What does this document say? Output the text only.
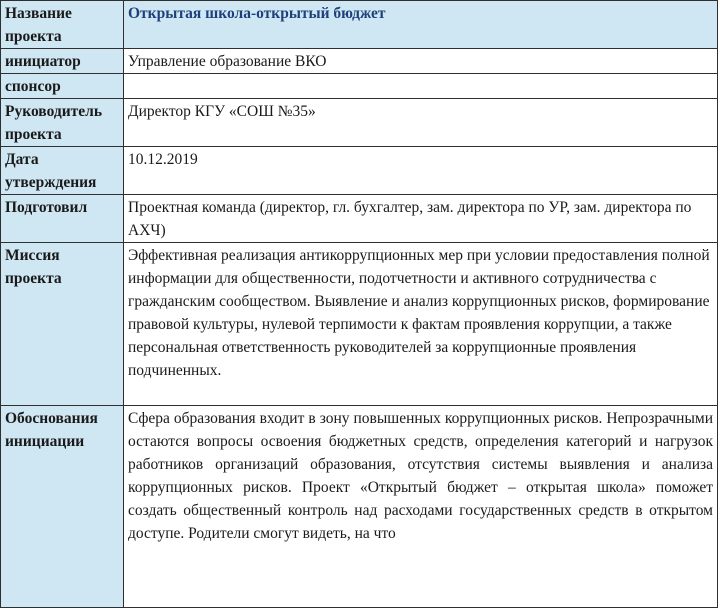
Название проекта	Открытая школа-открытый бюджет
инициатор	Управление образование ВКО
спонсор	
Руководитель проекта	Директор КГУ «СОШ №35»
Дата утверждения	10.12.2019
Подготовил	Проектная команда (директор, гл. бухгалтер, зам. директора по УР, зам. директора по АХЧ)
Миссия проекта	Эффективная реализация антикоррупционных мер при условии предоставления полной информации для общественности, подотчетности и активного сотрудничества с гражданским сообществом. Выявление и анализ коррупционных рисков, формирование правовой культуры, нулевой терпимости к фактам проявления коррупции, а также персональная ответственность руководителей за коррупционные проявления подчиненных.
Обоснования инициации	Сфера образования входит в зону повышенных коррупционных рисков. Непрозрачными остаются вопросы освоения бюджетных средств, определения категорий и нагрузок работников организаций образования, отсутствия системы выявления и анализа коррупционных рисков. Проект «Открытый бюджет – открытая школа» поможет создать общественный контроль над расходами государственных средств в открытом доступе. Родители смогут видеть, на что
